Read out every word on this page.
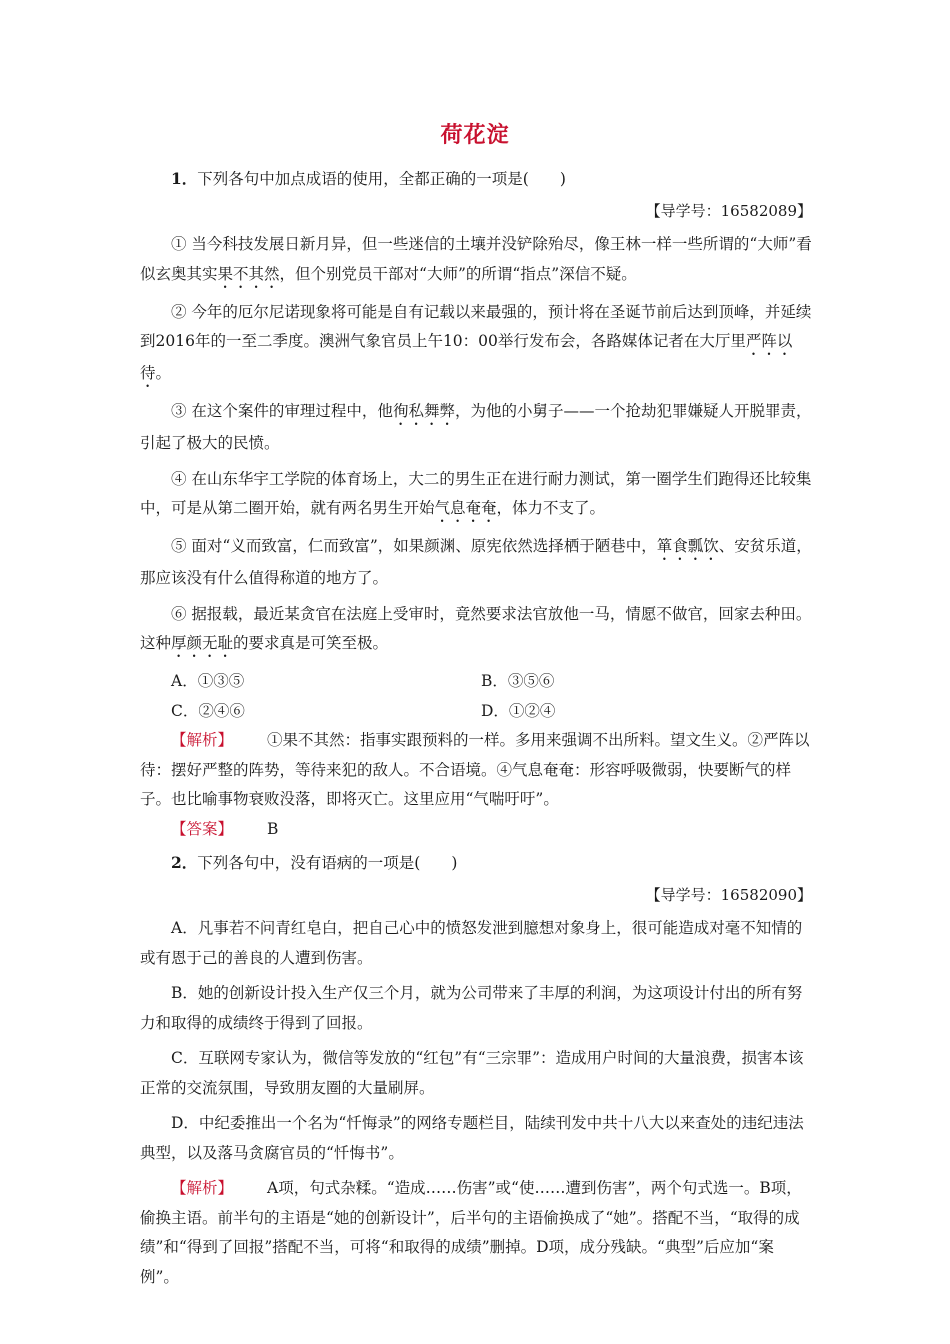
荷花淀

1．下列各句中加点成语的使用，全都正确的一项是(　　)

【导学号：16582089】

① 当今科技发展日新月异，但一些迷信的土壤并没铲除殆尽，像王林一样一些所谓的“大师”看似玄奥其实果不其然，但个别党员干部对“大师”的所谓“指点”深信不疑。

② 今年的厄尔尼诺现象将可能是自有记载以来最强的，预计将在圣诞节前后达到顶峰，并延续到2016年的一至二季度。澳洲气象官员上午10：00举行发布会，各路媒体记者在大厅里严阵以待。

③ 在这个案件的审理过程中，他徇私舞弊，为他的小舅子——一个抢劫犯罪嫌疑人开脱罪责，引起了极大的民愤。

④ 在山东华宇工学院的体育场上，大二的男生正在进行耐力测试，第一圈学生们跑得还比较集中，可是从第二圈开始，就有两名男生开始气息奄奄，体力不支了。

⑤ 面对“义而致富，仁而致富”，如果颜渊、原宪依然选择栖于陋巷中，箪食瓢饮、安贫乐道，那应该没有什么值得称道的地方了。

⑥ 据报载，最近某贪官在法庭上受审时，竟然要求法官放他一马，情愿不做官，回家去种田。这种厚颜无耻的要求真是可笑至极。

A．①③⑤	B．③⑤⑥
C．②④⑥	D．①②④

【解析】 ①果不其然：指事实跟预料的一样。多用来强调不出所料。望文生义。②严阵以待：摆好严整的阵势，等待来犯的敌人。不合语境。④气息奄奄：形容呼吸微弱，快要断气的样子。也比喻事物衰败没落，即将灭亡。这里应用“气喘吁吁”。

【答案】 B

2．下列各句中，没有语病的一项是(　　)

【导学号：16582090】

A．凡事若不问青红皂白，把自己心中的愤怒发泄到臆想对象身上，很可能造成对毫不知情的或有恩于己的善良的人遭到伤害。

B．她的创新设计投入生产仅三个月，就为公司带来了丰厚的利润，为这项设计付出的所有努力和取得的成绩终于得到了回报。

C．互联网专家认为，微信等发放的“红包”有“三宗罪”：造成用户时间的大量浪费，损害本该正常的交流氛围，导致朋友圈的大量刷屏。

D．中纪委推出一个名为“忏悔录”的网络专题栏目，陆续刊发中共十八大以来查处的违纪违法典型，以及落马贪腐官员的“忏悔书”。

【解析】 A项，句式杂糅。“造成……伤害”或“使……遭到伤害”，两个句式选一。B项，偷换主语。前半句的主语是“她的创新设计”，后半句的主语偷换成了“她”。搭配不当，“取得的成绩”和“得到了回报”搭配不当，可将“和取得的成绩”删掉。D项，成分残缺。“典型”后应加“案例”。
